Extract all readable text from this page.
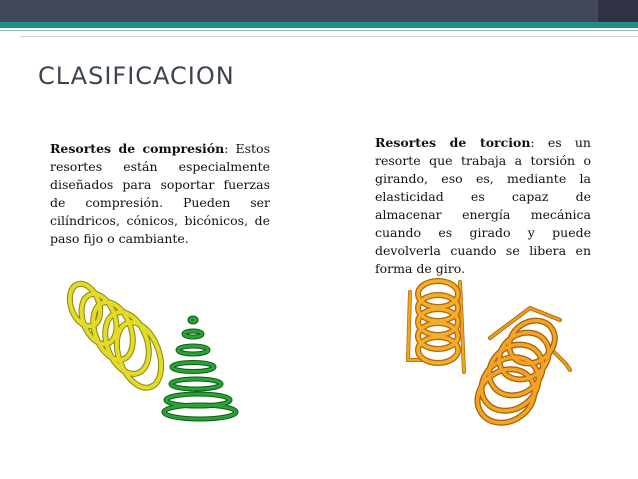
CLASIFICACION

Resortes de compresión: Estos resortes están especialmente diseñados para soportar fuerzas de compresión. Pueden ser cilíndricos, cónicos, bicónicos, de paso fijo o cambiante.

Resortes de torcion: es un resorte que trabaja a torsión o girando, eso es, mediante la elasticidad es capaz de almacenar energía mecánica cuando es girado y puede devolverla cuando se libera en forma de giro.
